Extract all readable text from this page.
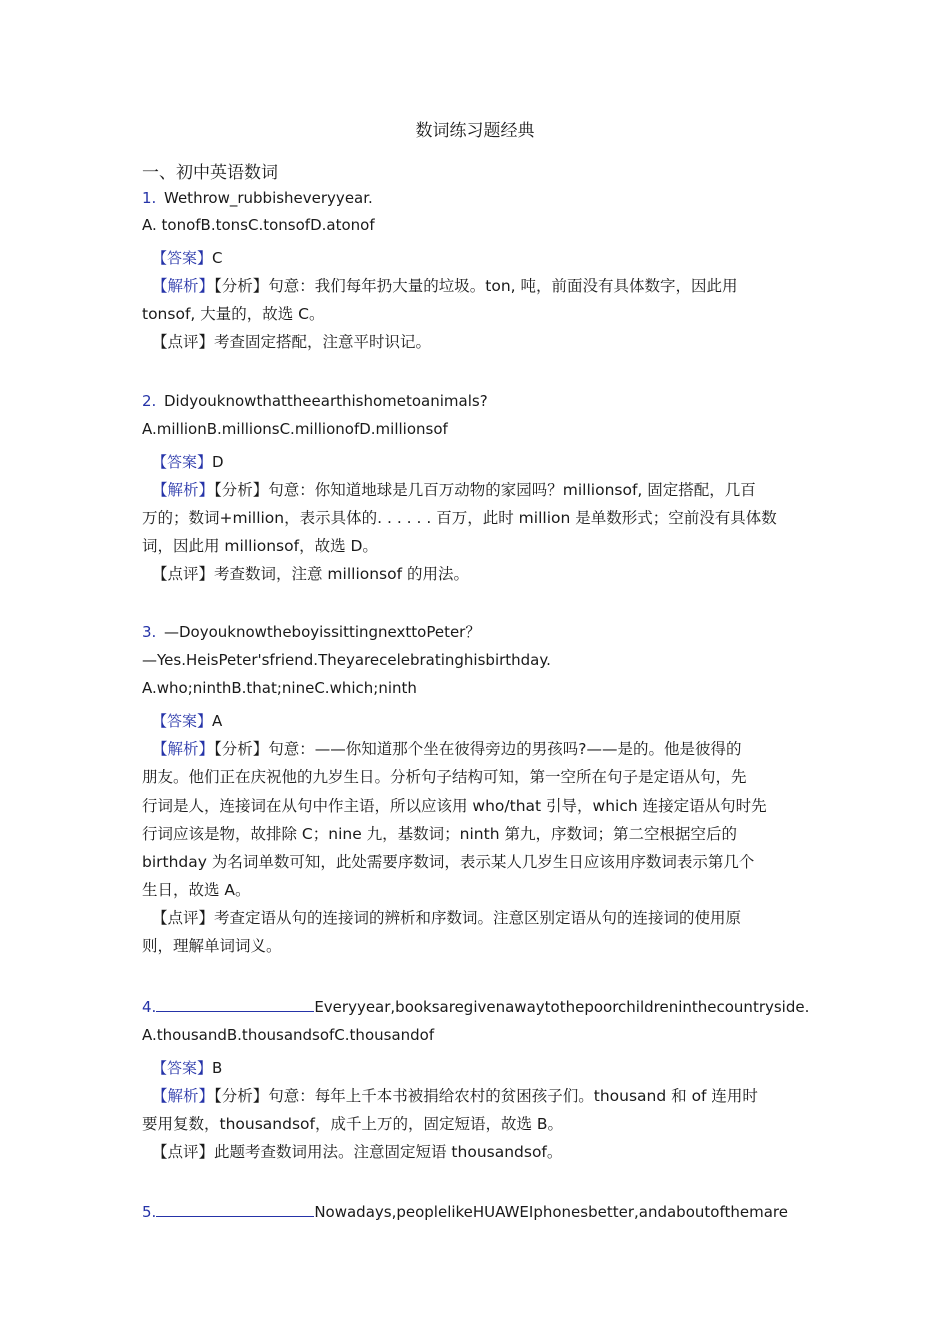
数词练习题经典
一、初中英语数词
1. Wethrow_rubbisheveryyear.
A. tonofB.tonsC.tonsofD.atonof
【答案】C
【解析】【分析】句意：我们每年扔大量的垃圾。ton, 吨，前面没有具体数字，因此用
tonsof, 大量的，故选 C。
【点评】考查固定搭配，注意平时识记。
2. Didyouknowthattheearthishometoanimals?
A.millionB.millionsC.millionofD.millionsof
【答案】D
【解析】【分析】句意：你知道地球是几百万动物的家园吗？millionsof, 固定搭配，几百
万的；数词+million，表示具体的. . . . . . 百万，此时 million 是单数形式；空前没有具体数
词，因此用 millionsof，故选 D。
【点评】考查数词，注意 millionsof 的用法。
3. —DoyouknowtheboyissittingnexttoPeter？
—Yes.HeisPeter'sfriend.Theyarecelebratinghisbirthday.
A.who;ninthB.that;nineC.which;ninth
【答案】A
【解析】【分析】句意：——你知道那个坐在彼得旁边的男孩吗?——是的。他是彼得的
朋友。他们正在庆祝他的九岁生日。分析句子结构可知，第一空所在句子是定语从句，先
行词是人，连接词在从句中作主语，所以应该用 who/that 引导，which 连接定语从句时先
行词应该是物，故排除 C；nine 九，基数词；ninth 第九，序数词；第二空根据空后的
birthday 为名词单数可知，此处需要序数词，表示某人几岁生日应该用序数词表示第几个
生日，故选 A。
【点评】考查定语从句的连接词的辨析和序数词。注意区别定语从句的连接词的使用原
则，理解单词词义。
4.	Everyyear,booksaregivenawaytothepoorchildreninthecountryside.
A.thousandB.thousandsofC.thousandof
【答案】B
【解析】【分析】句意：每年上千本书被捐给农村的贫困孩子们。thousand 和 of 连用时
要用复数，thousandsof，成千上万的，固定短语，故选 B。
【点评】此题考查数词用法。注意固定短语 thousandsof。
5.	Nowadays,peoplelikeHUAWEIphonesbetter,andaboutofthemare
